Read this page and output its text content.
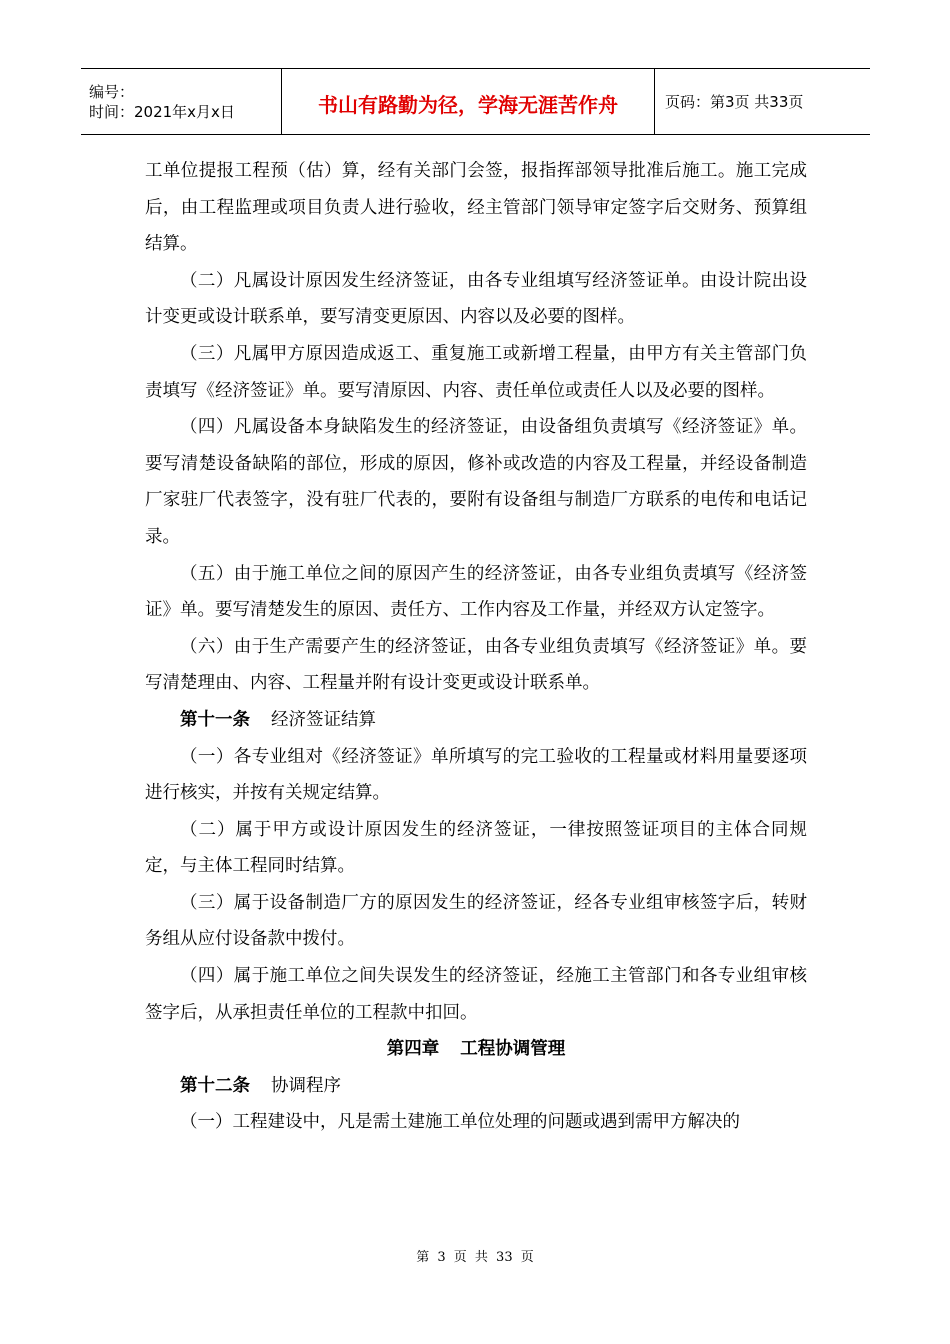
编号：
时间：2021年x月x日	书山有路勤为径，学海无涯苦作舟	页码：第3页 共33页

工单位提报工程预（估）算，经有关部门会签，报指挥部领导批准后施工。施工完成后，由工程监理或项目负责人进行验收，经主管部门领导审定签字后交财务、预算组结算。

（二）凡属设计原因发生经济签证，由各专业组填写经济签证单。由设计院出设计变更或设计联系单，要写清变更原因、内容以及必要的图样。

（三）凡属甲方原因造成返工、重复施工或新增工程量，由甲方有关主管部门负责填写《经济签证》单。要写清原因、内容、责任单位或责任人以及必要的图样。

（四）凡属设备本身缺陷发生的经济签证，由设备组负责填写《经济签证》单。要写清楚设备缺陷的部位，形成的原因，修补或改造的内容及工程量，并经设备制造厂家驻厂代表签字，没有驻厂代表的，要附有设备组与制造厂方联系的电传和电话记录。

（五）由于施工单位之间的原因产生的经济签证，由各专业组负责填写《经济签证》单。要写清楚发生的原因、责任方、工作内容及工作量，并经双方认定签字。

（六）由于生产需要产生的经济签证，由各专业组负责填写《经济签证》单。要写清楚理由、内容、工程量并附有设计变更或设计联系单。

第十一条 经济签证结算

（一）各专业组对《经济签证》单所填写的完工验收的工程量或材料用量要逐项进行核实，并按有关规定结算。

（二）属于甲方或设计原因发生的经济签证，一律按照签证项目的主体合同规定，与主体工程同时结算。

（三）属于设备制造厂方的原因发生的经济签证，经各专业组审核签字后，转财务组从应付设备款中拨付。

（四）属于施工单位之间失误发生的经济签证，经施工主管部门和各专业组审核签字后，从承担责任单位的工程款中扣回。

第四章 工程协调管理

第十二条 协调程序

（一）工程建设中，凡是需土建施工单位处理的问题或遇到需甲方解决的

第 3 页 共 33 页
